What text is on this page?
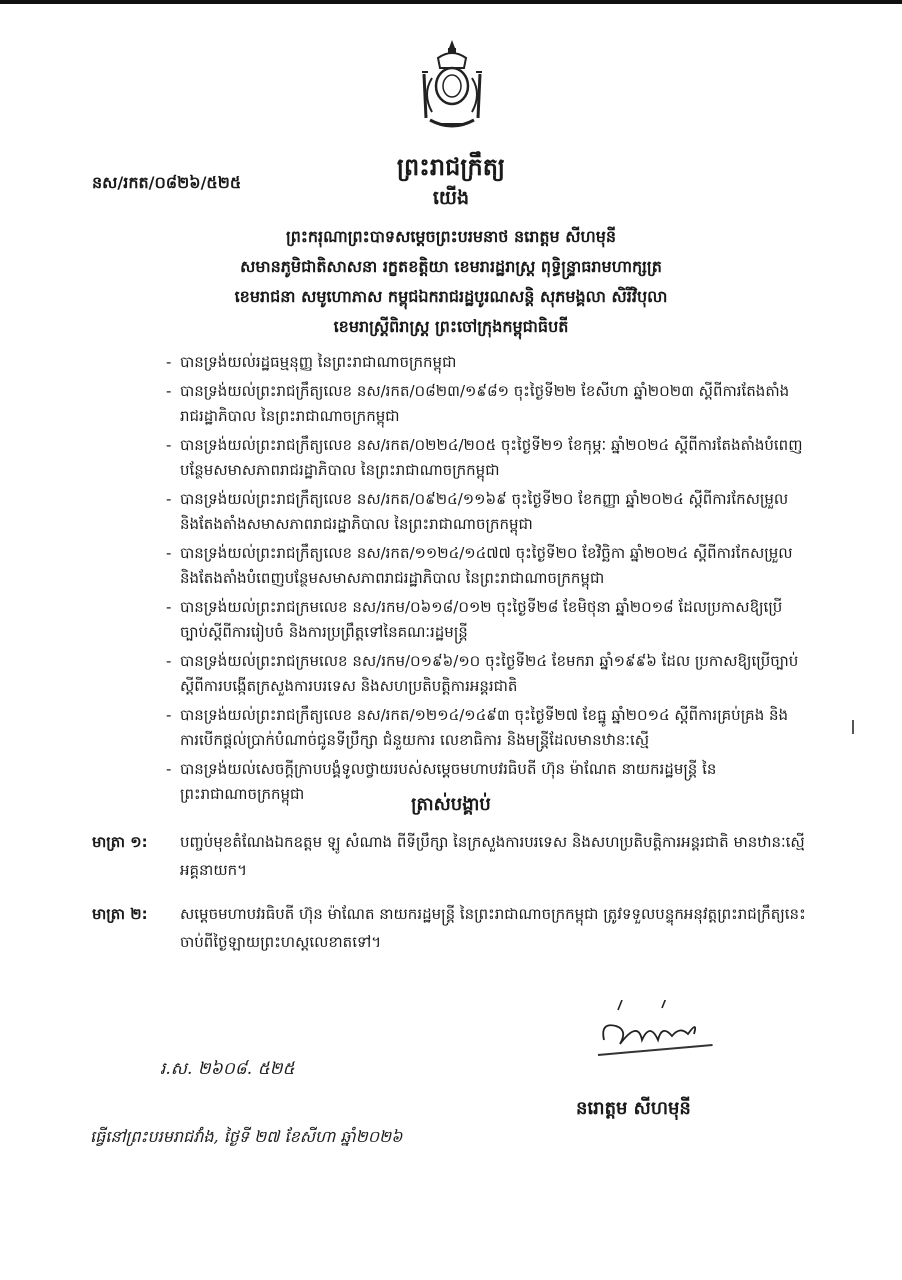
នស/រកត/០៨២៦/៥២៥
ព្រះរាជក្រឹត្យ
យើង
ព្រះករុណាព្រះបាទសម្តេចព្រះបរមនាថ នរោត្តម សីហមុនី
សមានភូមិជាតិសាសនា រក្ខតខត្តិយា ខេមរារដ្ឋរាស្ត្រ ពុទ្ធិន្ទ្រាធរាមហាក្សត្រ
ខេមរាជនា សមូហោភាស កម្ពុជឯករាជរដ្ឋបូរណសន្តិ សុភមង្គលា សិរីវិបុលា
ខេមរាស្ត្រីពិរាស្ត្រ ព្រះចៅក្រុងកម្ពុជាធិបតី
- បានទ្រង់យល់រដ្ឋធម្មនុញ្ញ នៃព្រះរាជាណាចក្រកម្ពុជា
- បានទ្រង់យល់ព្រះរាជក្រឹត្យលេខ នស/រកត/០៨២៣/១៩៨១ ចុះថ្ងៃទី២២ ខែសីហា ឆ្នាំ២០២៣ ស្តីពីការតែងតាំងរាជរដ្ឋាភិបាល នៃព្រះរាជាណាចក្រកម្ពុជា
- បានទ្រង់យល់ព្រះរាជក្រឹត្យលេខ នស/រកត/០២២៤/២០៥ ចុះថ្ងៃទី២១ ខែកុម្ភៈ ឆ្នាំ២០២៤ ស្តីពីការតែងតាំងបំពេញបន្ថែមសមាសភាពរាជរដ្ឋាភិបាល នៃព្រះរាជាណាចក្រកម្ពុជា
- បានទ្រង់យល់ព្រះរាជក្រឹត្យលេខ នស/រកត/០៩២៤/១១៦៩ ចុះថ្ងៃទី២០ ខែកញ្ញា ឆ្នាំ២០២៤ ស្តីពីការកែសម្រួល និងតែងតាំងសមាសភាពរាជរដ្ឋាភិបាល នៃព្រះរាជាណាចក្រកម្ពុជា
- បានទ្រង់យល់ព្រះរាជក្រឹត្យលេខ នស/រកត/១១២៤/១៤៧៧ ចុះថ្ងៃទី២០ ខែវិច្ឆិកា ឆ្នាំ២០២៤ ស្តីពីការកែសម្រួល និងតែងតាំងបំពេញបន្ថែមសមាសភាពរាជរដ្ឋាភិបាល នៃព្រះរាជាណាចក្រកម្ពុជា
- បានទ្រង់យល់ព្រះរាជក្រមលេខ នស/រកម/០៦១៨/០១២ ចុះថ្ងៃទី២៨ ខែមិថុនា ឆ្នាំ២០១៨ ដែលប្រកាសឱ្យប្រើច្បាប់ស្តីពីការរៀបចំ និងការប្រព្រឹត្តទៅនៃគណៈរដ្ឋមន្ត្រី
- បានទ្រង់យល់ព្រះរាជក្រមលេខ នស/រកម/០១៩៦/១០ ចុះថ្ងៃទី២៤ ខែមករា ឆ្នាំ១៩៩៦ ដែល ប្រកាសឱ្យប្រើច្បាប់ស្តីពីការបង្កើតក្រសួងការបរទេស និងសហប្រតិបត្តិការអន្តរជាតិ
- បានទ្រង់យល់ព្រះរាជក្រឹត្យលេខ នស/រកត/១២១៤/១៤៩៣ ចុះថ្ងៃទី២៧ ខែធ្នូ ឆ្នាំ២០១៤ ស្តីពីការគ្រប់គ្រង និងការបើកផ្តល់ប្រាក់បំណាច់ជូនទីប្រឹក្សា ជំនួយការ លេខាធិការ និងមន្ត្រីដែលមានឋានៈស្មើ
- បានទ្រង់យល់សេចក្តីក្រាបបង្គំទូលថ្វាយរបស់សម្តេចមហាបវរធិបតី ហ៊ុន ម៉ាណែត នាយករដ្ឋមន្ត្រី នៃព្រះរាជាណាចក្រកម្ពុជា	ត្រាស់បង្គាប់
មាត្រា ១:	បញ្ចប់មុខតំណែងឯកឧត្តម ឡូ សំណាង ពីទីប្រឹក្សា នៃក្រសួងការបរទេស និងសហប្រតិបត្តិការអន្តរជាតិ មានឋានៈស្មើ អគ្គនាយក។
មាត្រា ២:	សម្តេចមហាបវរធិបតី ហ៊ុន ម៉ាណែត នាយករដ្ឋមន្ត្រី នៃព្រះរាជាណាចក្រកម្ពុជា ត្រូវទទួលបន្ទុកអនុវត្តព្រះរាជក្រឹត្យនេះ ចាប់ពីថ្ងៃឡាយព្រះហស្តលេខាតទៅ។
រ.ស. ២៦០៨. ៥២៥
នរោត្តម សីហមុនី
ធ្វើនៅព្រះបរមរាជវាំង, ថ្ងៃទី ២៧ ខែសីហា ឆ្នាំ២០២៦
